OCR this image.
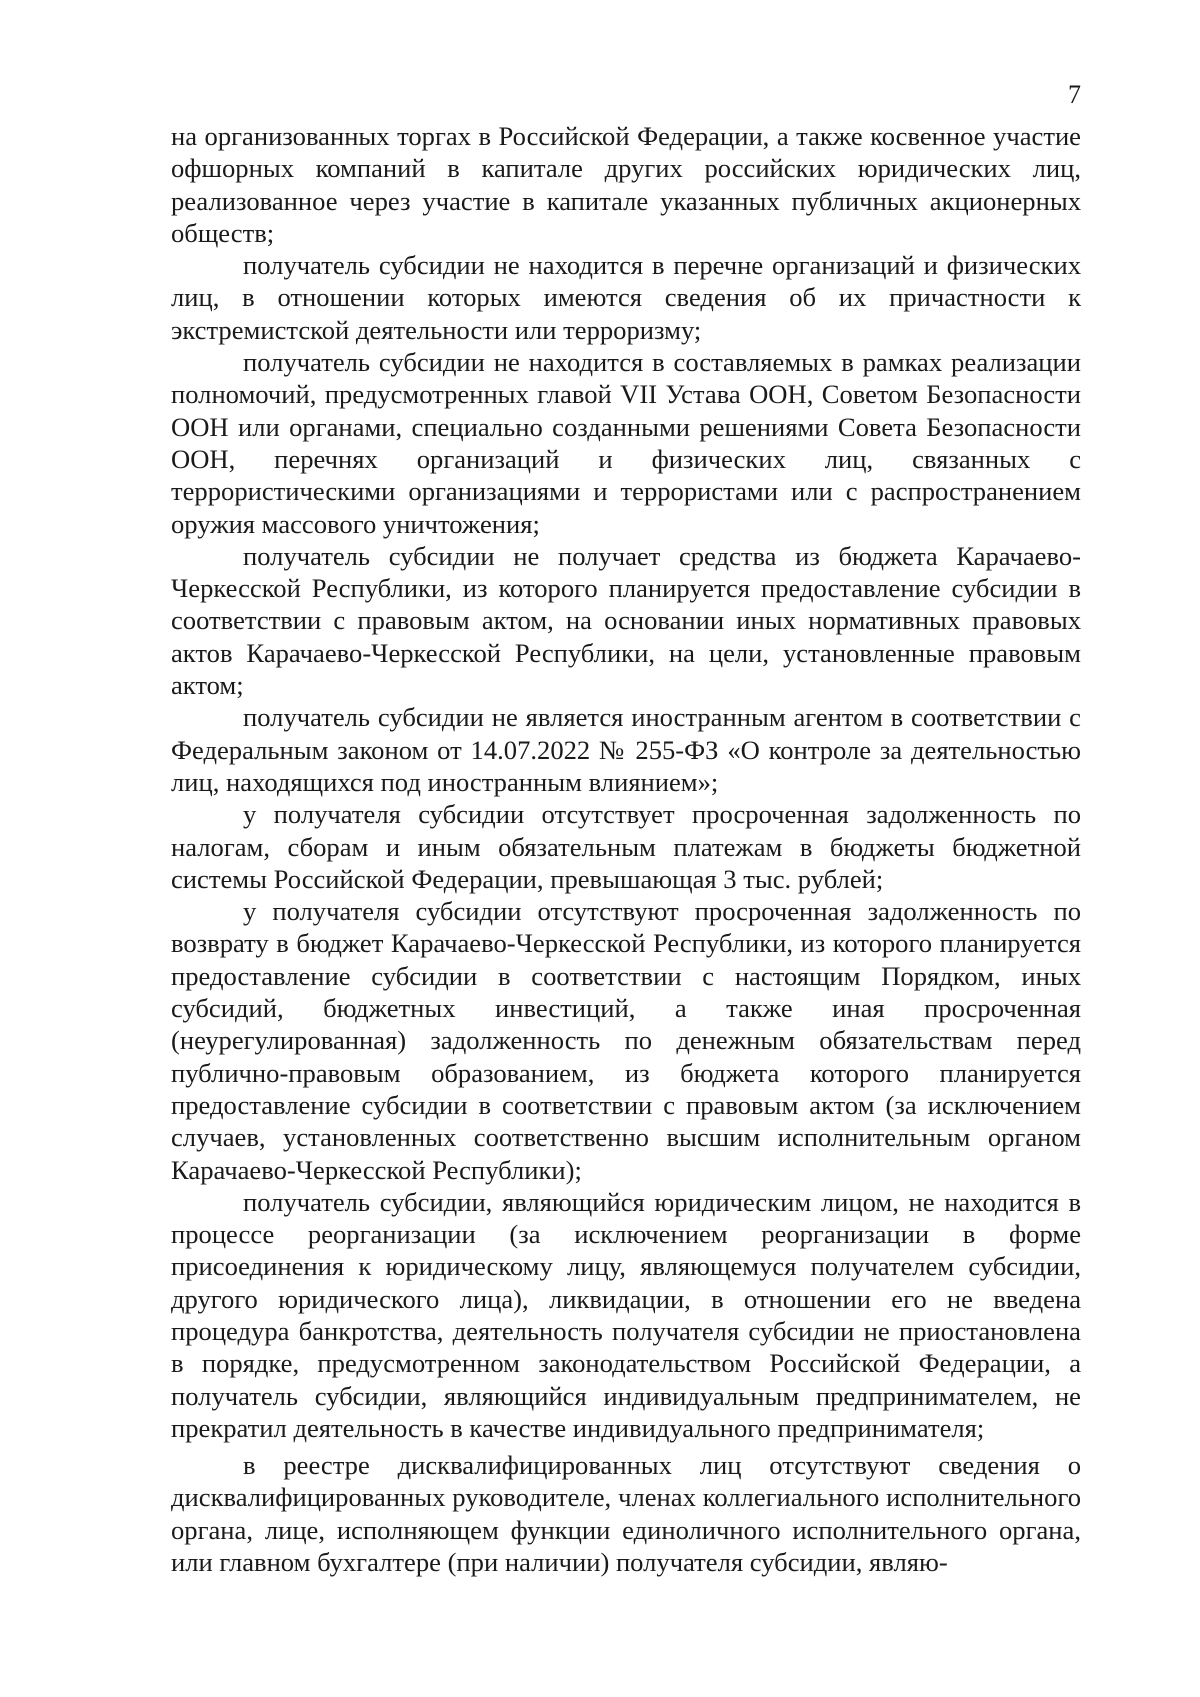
7

на организованных торгах в Российской Федерации, а также косвенное участие офшорных компаний в капитале других российских юридических лиц, реализованное через участие в капитале указанных публичных акционерных обществ;

получатель субсидии не находится в перечне организаций и физических лиц, в отношении которых имеются сведения об их причастности к экстремистской деятельности или терроризму;

получатель субсидии не находится в составляемых в рамках реализации полномочий, предусмотренных главой VII Устава ООН, Советом Безопасности ООН или органами, специально созданными решениями Совета Безопасности ООН, перечнях организаций и физических лиц, связанных с террористическими организациями и террористами или с распространением оружия массового уничтожения;

получатель субсидии не получает средства из бюджета Карачаево-Черкесской Республики, из которого планируется предоставление субсидии в соответствии с правовым актом, на основании иных нормативных правовых актов Карачаево-Черкесской Республики, на цели, установленные правовым актом;

получатель субсидии не является иностранным агентом в соответствии с Федеральным законом от 14.07.2022 № 255-ФЗ «О контроле за деятельностью лиц, находящихся под иностранным влиянием»;

у получателя субсидии отсутствует просроченная задолженность по налогам, сборам и иным обязательным платежам в бюджеты бюджетной системы Российской Федерации, превышающая 3 тыс. рублей;

у получателя субсидии отсутствуют просроченная задолженность по возврату в бюджет Карачаево-Черкесской Республики, из которого планируется предоставление субсидии в соответствии с настоящим Порядком, иных субсидий, бюджетных инвестиций, а также иная просроченная (неурегулированная) задолженность по денежным обязательствам перед публично-правовым образованием, из бюджета которого планируется предоставление субсидии в соответствии с правовым актом (за исключением случаев, установленных соответственно высшим исполнительным органом Карачаево-Черкесской Республики);

получатель субсидии, являющийся юридическим лицом, не находится в процессе реорганизации (за исключением реорганизации в форме присоединения к юридическому лицу, являющемуся получателем субсидии, другого юридического лица), ликвидации, в отношении его не введена процедура банкротства, деятельность получателя субсидии не приостановлена в порядке, предусмотренном законодательством Российской Федерации, а получатель субсидии, являющийся индивидуальным предпринимателем, не прекратил деятельность в качестве индивидуального предпринимателя;

в реестре дисквалифицированных лиц отсутствуют сведения о дисквалифицированных руководителе, членах коллегиального исполнительного органа, лице, исполняющем функции единоличного исполнительного органа, или главном бухгалтере (при наличии) получателя субсидии, являю-
